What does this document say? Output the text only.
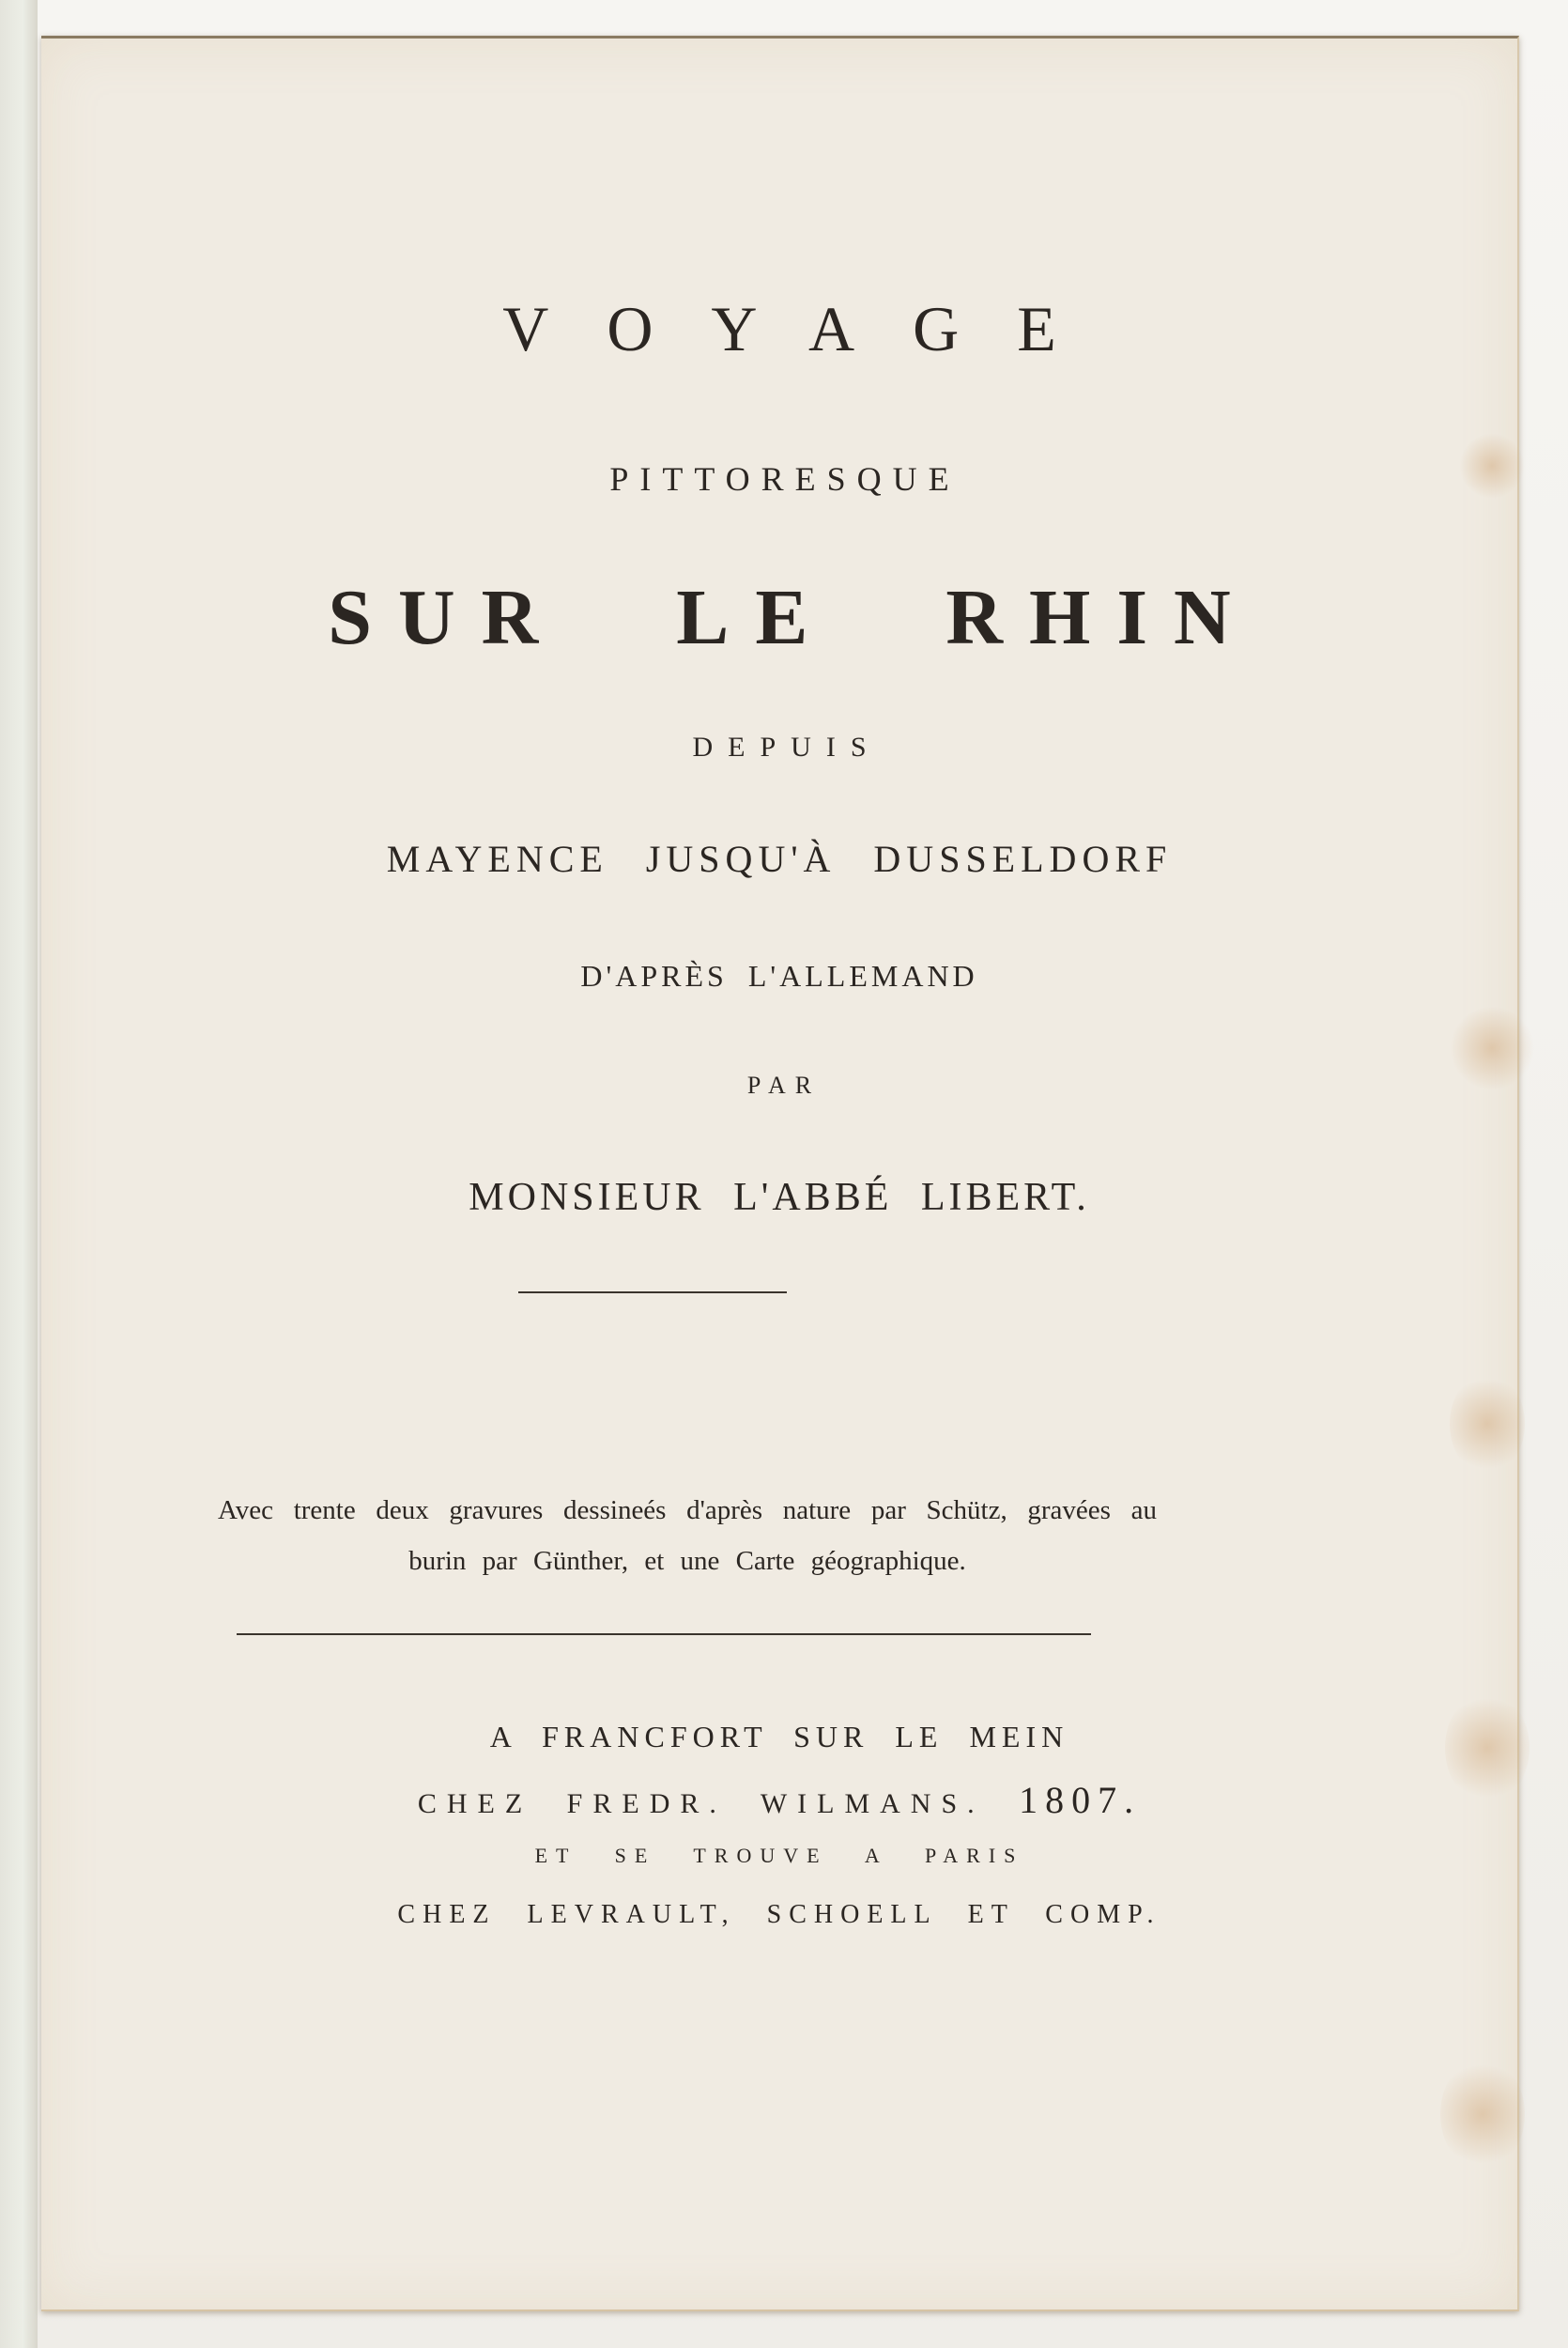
VOYAGE
PITTORESQUE
SUR LE RHIN
DEPUIS
MAYENCE JUSQU'À DUSSELDORF
D'APRÈS L'ALLEMAND
PAR
MONSIEUR L'ABBÉ LIBERT.
Avec trente deux gravures dessineés d'après nature par Schütz, gravées au burin par Günther, et une Carte géographique.
A FRANCFORT SUR LE MEIN
CHEZ FREDR. WILMANS. 1807.
ET SE TROUVE A PARIS
CHEZ LEVRAULT, SCHOELL ET COMP.
